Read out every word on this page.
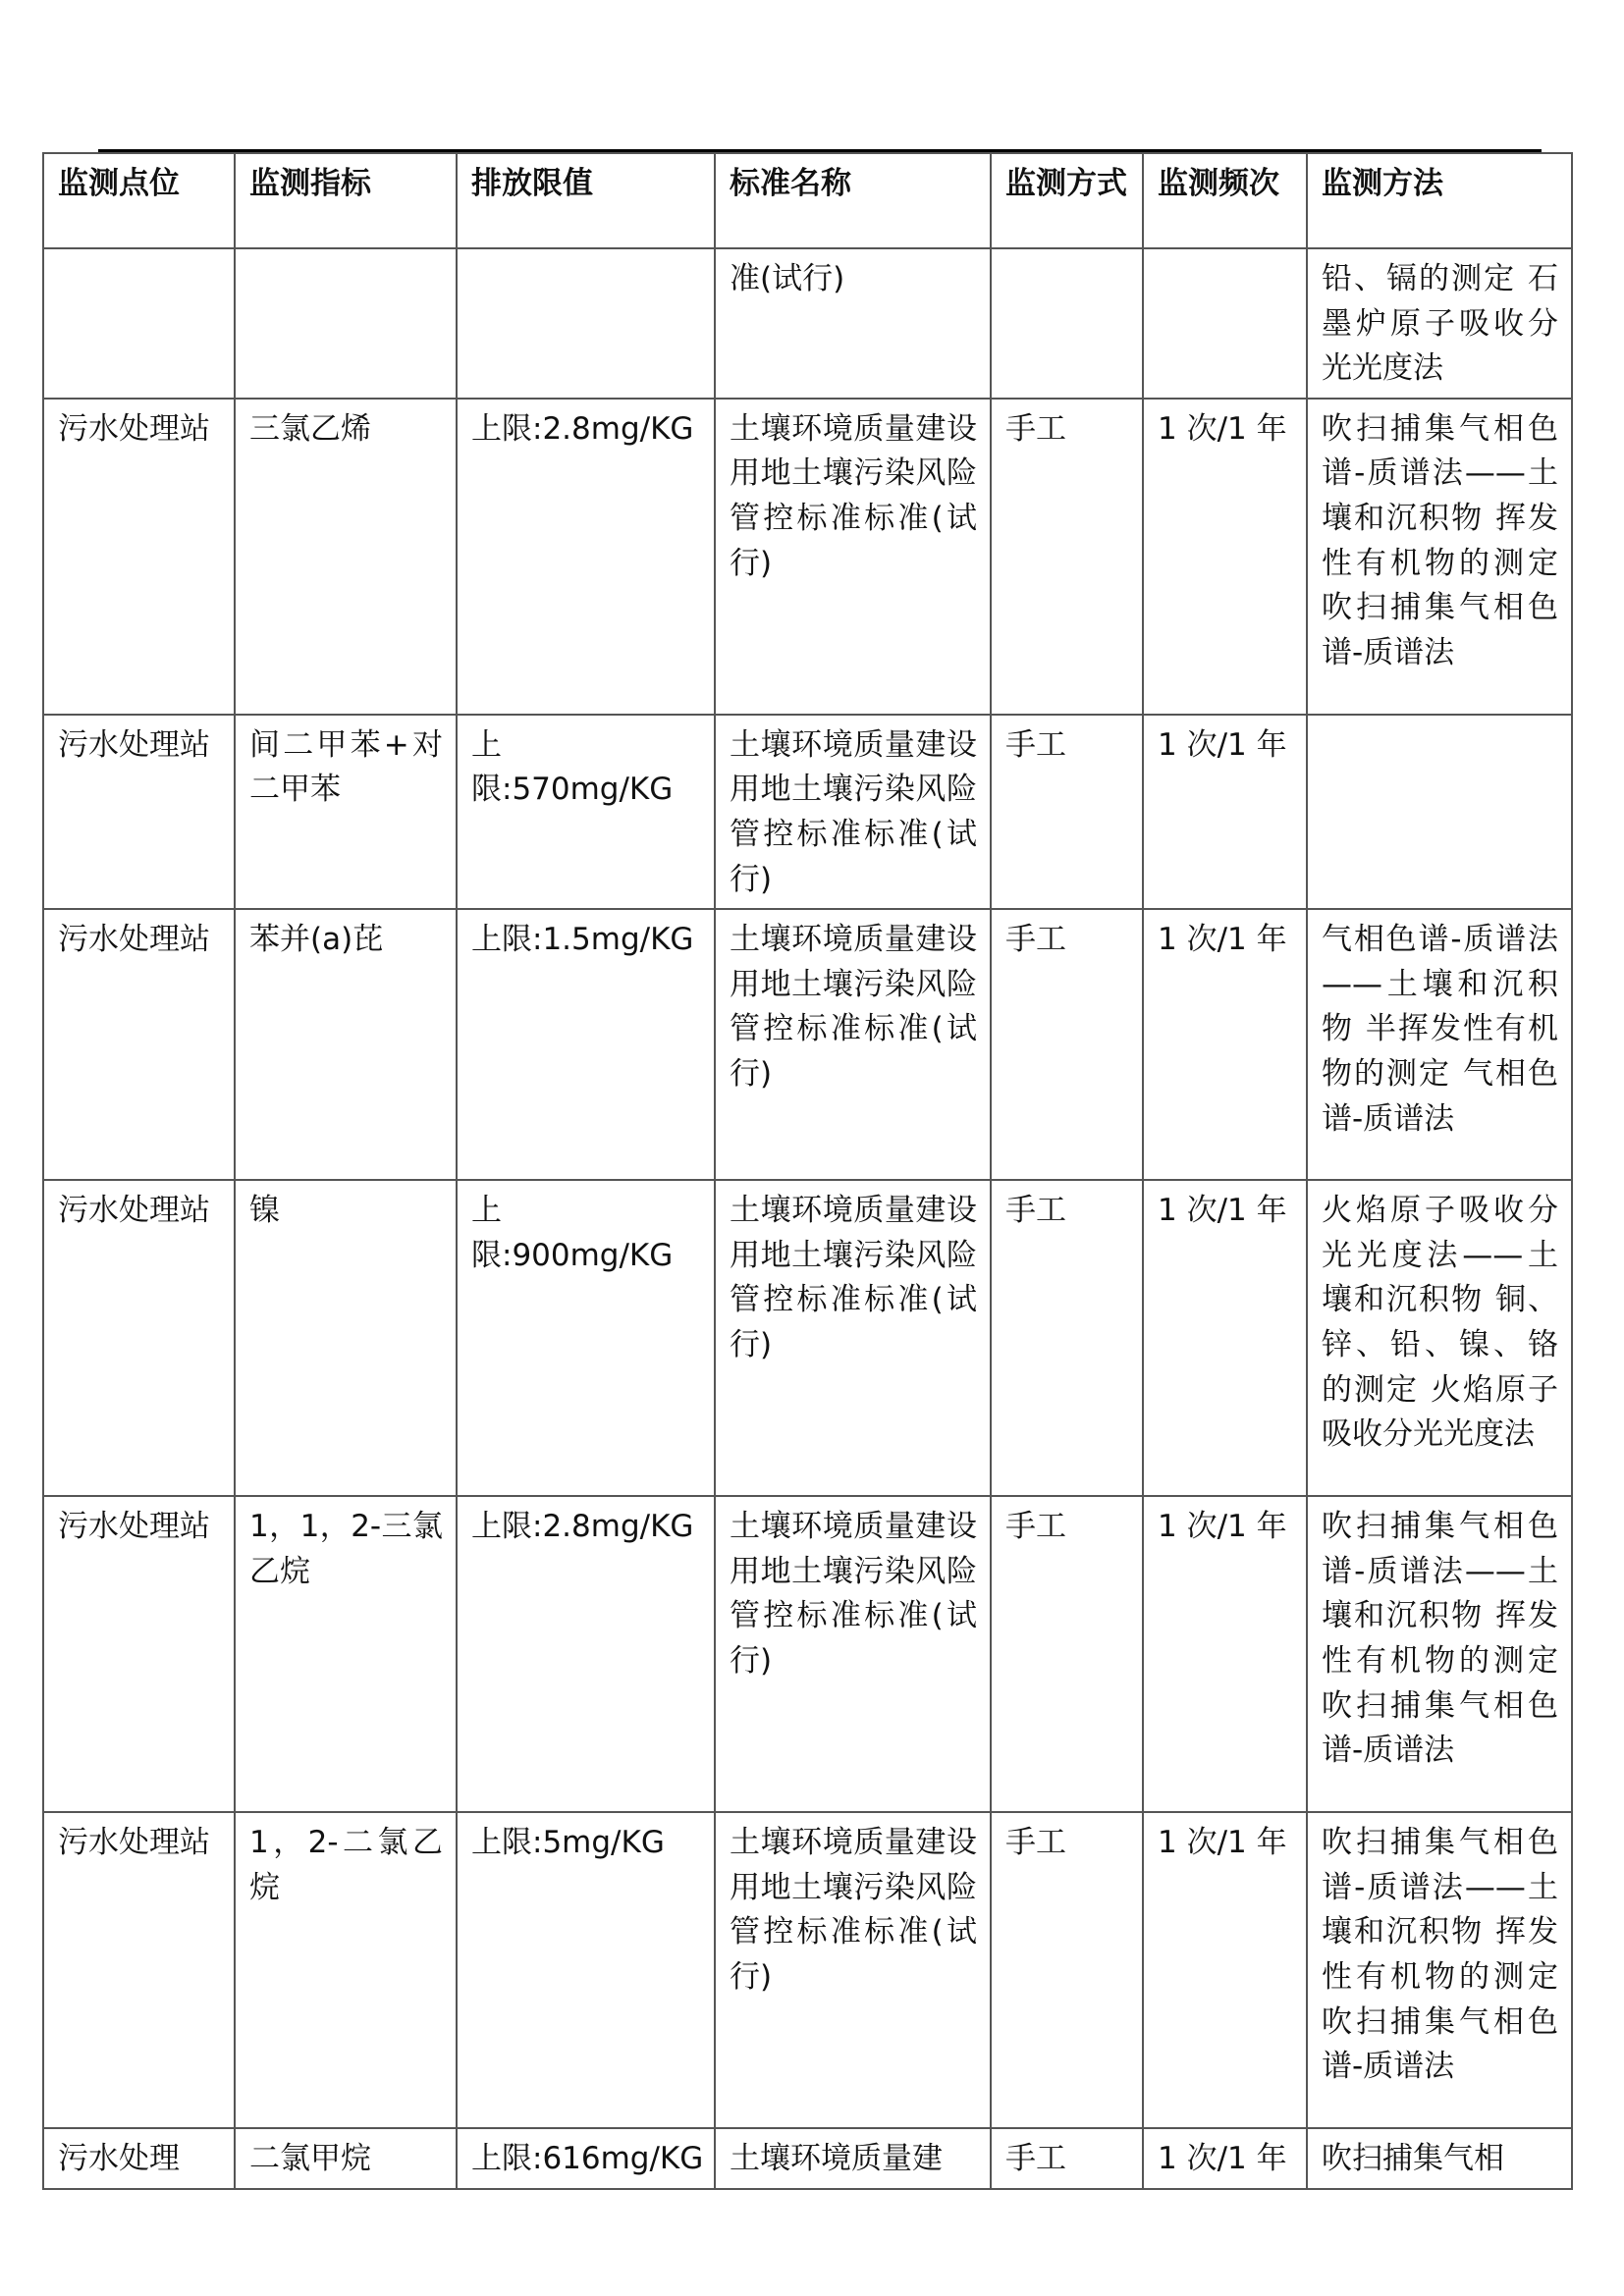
监测点位	监测指标	排放限值	标准名称	监测方式	监测频次	监测方法
			准(试行)			铅、镉的测定 石墨炉原子吸收分光光度法
污水处理站	三氯乙烯	上限:2.8mg/KG	土壤环境质量建设用地土壤污染风险管控标准标准(试行)	手工	1 次/1 年	吹扫捕集气相色谱-质谱法——土壤和沉积物 挥发性有机物的测定 吹扫捕集气相色谱-质谱法
污水处理站	间二甲苯+对二甲苯	上限:570mg/KG	土壤环境质量建设用地土壤污染风险管控标准标准(试行)	手工	1 次/1 年	
污水处理站	苯并(a)芘	上限:1.5mg/KG	土壤环境质量建设用地土壤污染风险管控标准标准(试行)	手工	1 次/1 年	气相色谱-质谱法——土壤和沉积物 半挥发性有机物的测定 气相色谱-质谱法
污水处理站	镍	上限:900mg/KG	土壤环境质量建设用地土壤污染风险管控标准标准(试行)	手工	1 次/1 年	火焰原子吸收分光光度法——土壤和沉积物 铜、锌、铅、镍、铬的测定 火焰原子吸收分光光度法
污水处理站	1，1，2-三氯乙烷	上限:2.8mg/KG	土壤环境质量建设用地土壤污染风险管控标准标准(试行)	手工	1 次/1 年	吹扫捕集气相色谱-质谱法——土壤和沉积物 挥发性有机物的测定 吹扫捕集气相色谱-质谱法
污水处理站	1，2-二氯乙烷	上限:5mg/KG	土壤环境质量建设用地土壤污染风险管控标准标准(试行)	手工	1 次/1 年	吹扫捕集气相色谱-质谱法——土壤和沉积物 挥发性有机物的测定 吹扫捕集气相色谱-质谱法
污水处理	二氯甲烷	上限:616mg/KG	土壤环境质量建	手工	1 次/1 年	吹扫捕集气相
